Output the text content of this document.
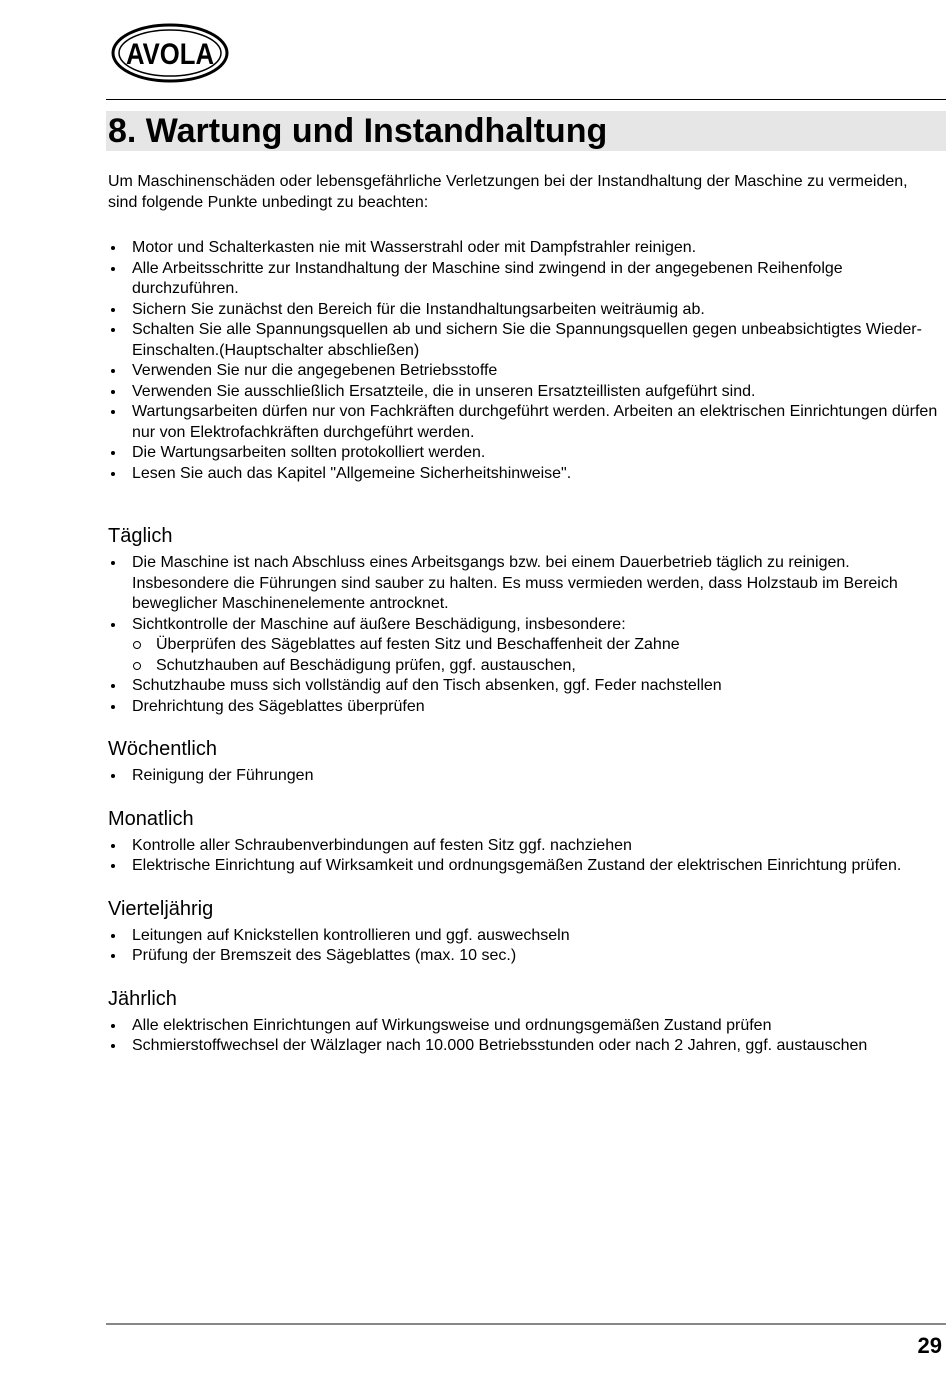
AVOLA
8. Wartung und Instandhaltung

Um Maschinenschäden oder lebensgefährliche Verletzungen bei der Instandhaltung der Maschine zu vermeiden, sind folgende Punkte unbedingt zu beachten:

Motor und Schalterkasten nie mit Wasserstrahl oder mit Dampfstrahler reinigen.
Alle Arbeitsschritte zur Instandhaltung der Maschine sind zwingend in der angegebenen Reihenfolge durchzuführen.
Sichern Sie zunächst den Bereich für die Instandhaltungsarbeiten weiträumig ab.
Schalten Sie alle Spannungsquellen ab und sichern Sie die Spannungsquellen gegen unbeabsichtigtes Wieder-Einschalten.(Hauptschalter abschließen)
Verwenden Sie nur die angegebenen Betriebsstoffe
Verwenden Sie ausschließlich Ersatzteile, die in unseren Ersatzteillisten aufgeführt sind.
Wartungsarbeiten dürfen nur von Fachkräften durchgeführt werden. Arbeiten an elektrischen Einrichtungen dürfen nur von Elektrofachkräften durchgeführt werden.
Die Wartungsarbeiten sollten protokolliert werden.
Lesen Sie auch das Kapitel "Allgemeine Sicherheitshinweise".
Täglich
Die Maschine ist nach Abschluss eines Arbeitsgangs bzw. bei einem Dauerbetrieb täglich zu reinigen. Insbesondere die Führungen sind sauber zu halten. Es muss vermieden werden, dass Holzstaub im Bereich beweglicher Maschinenelemente antrocknet.
Sichtkontrolle der Maschine auf äußere Beschädigung, insbesondere:
Überprüfen des Sägeblattes auf festen Sitz und Beschaffenheit der Zahne
Schutzhauben auf Beschädigung prüfen, ggf. austauschen,
Schutzhaube muss sich vollständig auf den Tisch absenken, ggf. Feder nachstellen
Drehrichtung des Sägeblattes überprüfen
Wöchentlich
Reinigung der Führungen
Monatlich
Kontrolle aller Schraubenverbindungen auf festen Sitz ggf. nachziehen
Elektrische Einrichtung auf Wirksamkeit und ordnungsgemäßen Zustand der elektrischen Einrichtung prüfen.
Vierteljährig
Leitungen auf Knickstellen kontrollieren und ggf. auswechseln
Prüfung der Bremszeit des Sägeblattes (max. 10 sec.)
Jährlich
Alle elektrischen Einrichtungen auf Wirkungsweise und ordnungsgemäßen Zustand prüfen
Schmierstoffwechsel der Wälzlager nach 10.000 Betriebsstunden oder nach 2 Jahren, ggf. austauschen
29
